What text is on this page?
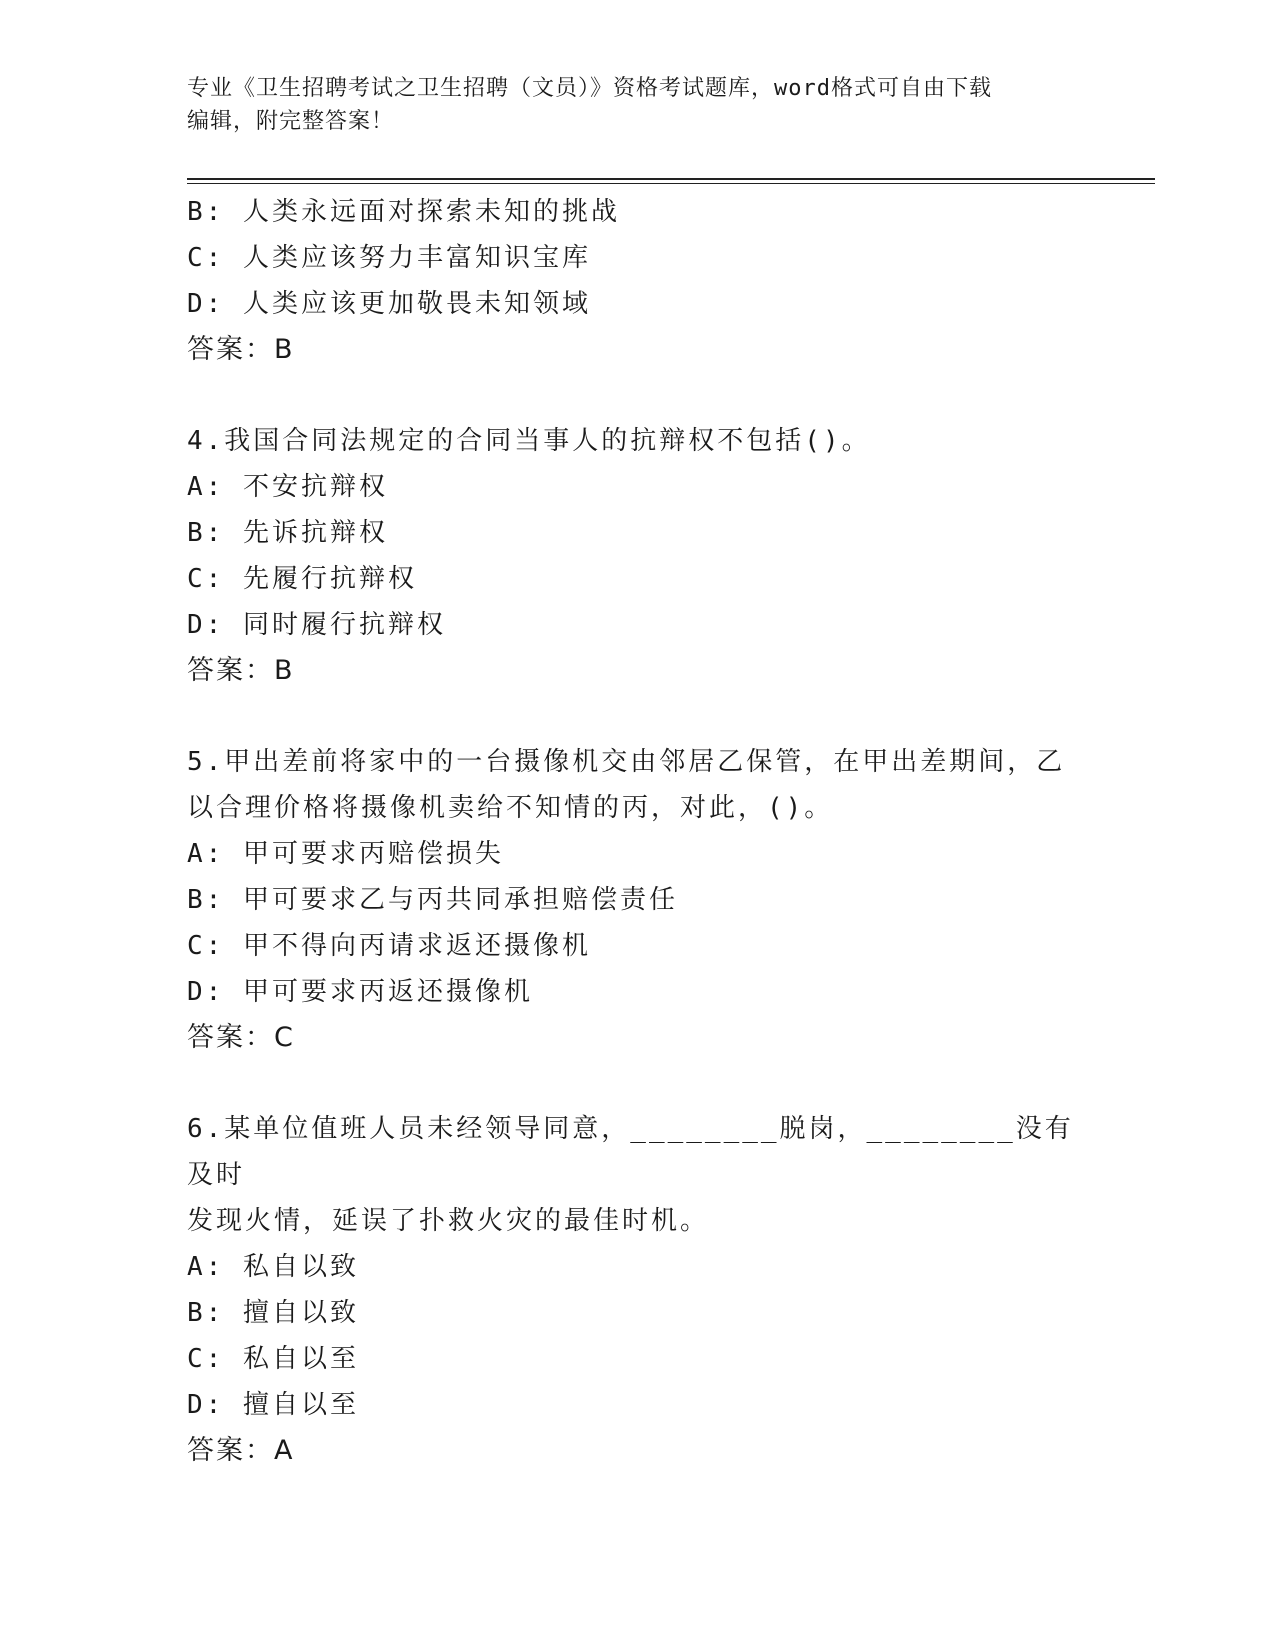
专业《卫生招聘考试之卫生招聘（文员）》资格考试题库，word格式可自由下载
编辑，附完整答案！
B: 人类永远面对探索未知的挑战
C: 人类应该努力丰富知识宝库
D: 人类应该更加敬畏未知领域
答案：B
4.我国合同法规定的合同当事人的抗辩权不包括()。
A: 不安抗辩权
B: 先诉抗辩权
C: 先履行抗辩权
D: 同时履行抗辩权
答案：B
5.甲出差前将家中的一台摄像机交由邻居乙保管，在甲出差期间，乙
以合理价格将摄像机卖给不知情的丙，对此，()。
A: 甲可要求丙赔偿损失
B: 甲可要求乙与丙共同承担赔偿责任
C: 甲不得向丙请求返还摄像机
D: 甲可要求丙返还摄像机
答案：C
6.某单位值班人员未经领导同意，________脱岗，________没有及时
发现火情，延误了扑救火灾的最佳时机。
A: 私自以致
B: 擅自以致
C: 私自以至
D: 擅自以至
答案：A
